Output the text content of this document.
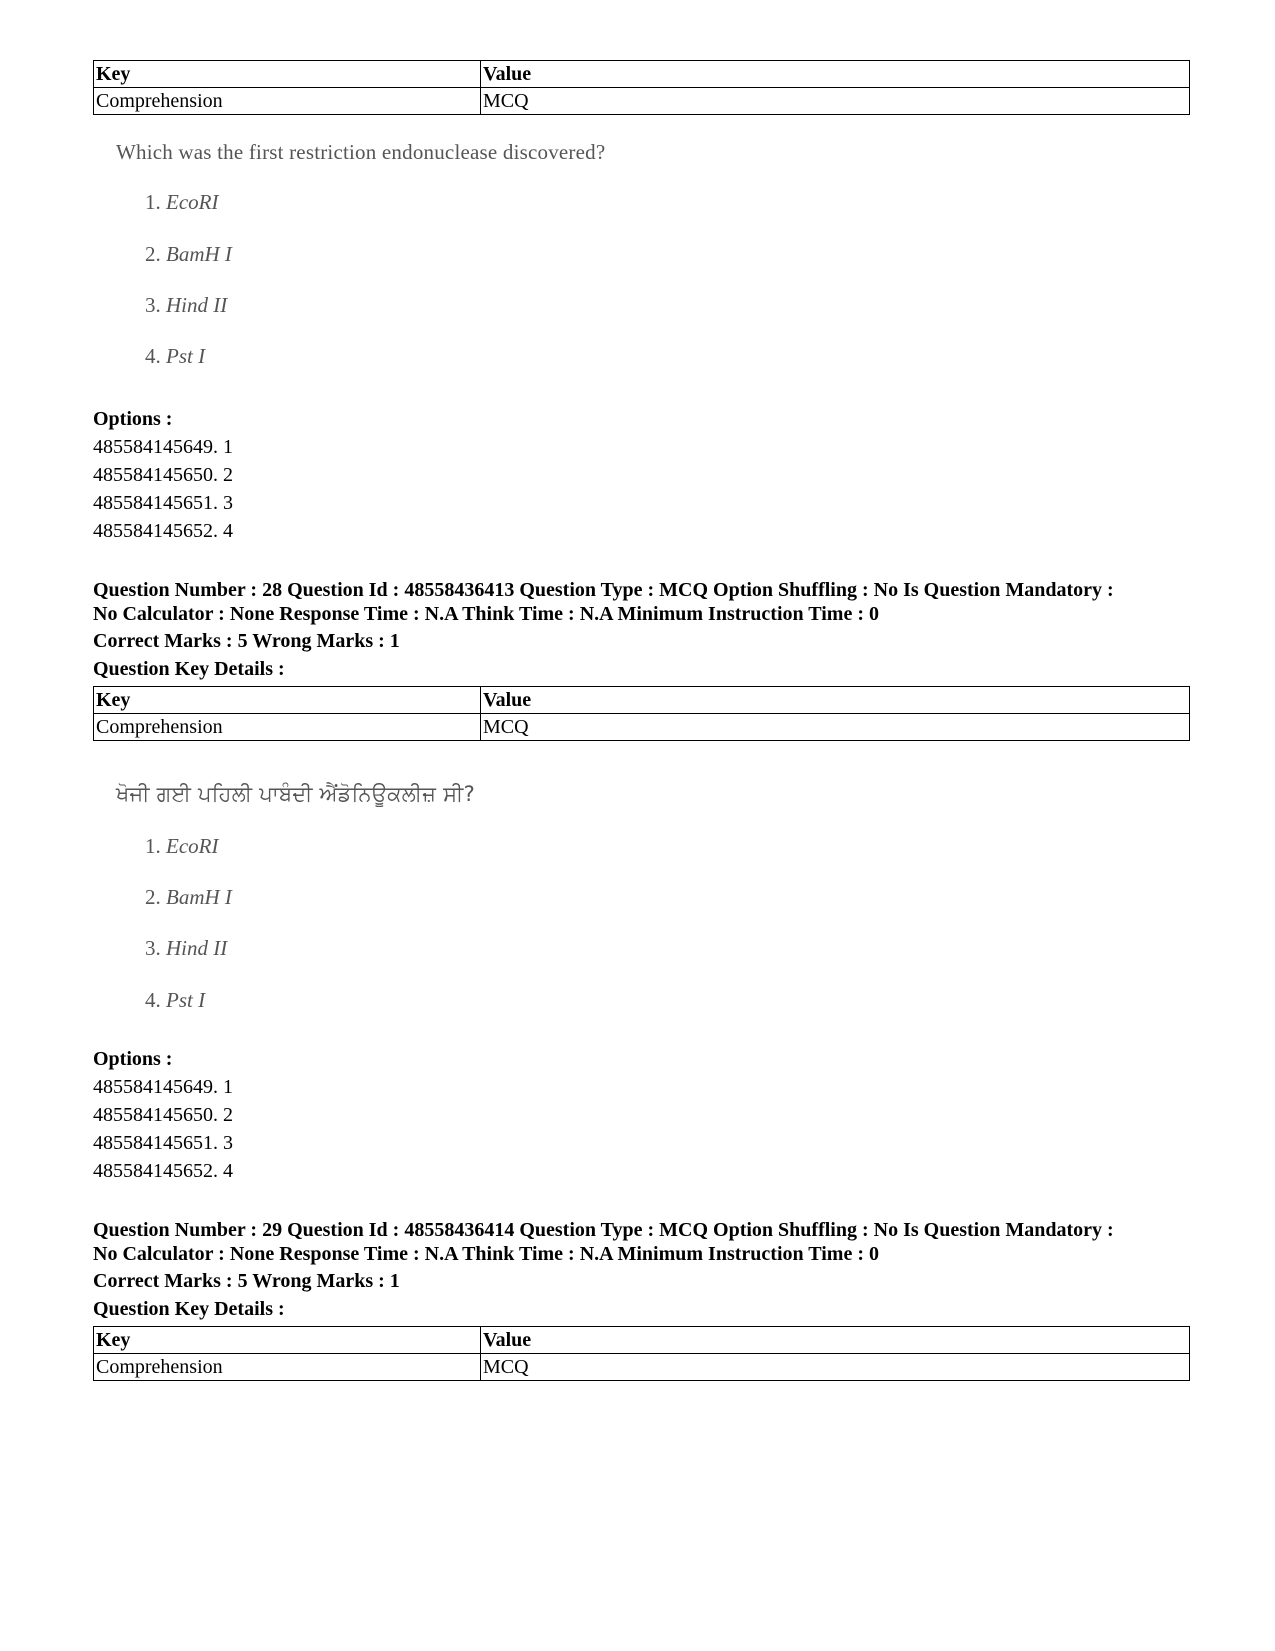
Key	Value
Comprehension	MCQ
Which was the first restriction endonuclease discovered?
1. EcoRI
2. BamH I
3. Hind II
4. Pst I
Options :
485584145649. 1
485584145650. 2
485584145651. 3
485584145652. 4
Question Number : 28 Question Id : 48558436413 Question Type : MCQ Option Shuffling : No Is Question Mandatory :
No Calculator : None Response Time : N.A Think Time : N.A Minimum Instruction Time : 0
Correct Marks : 5 Wrong Marks : 1
Question Key Details :
Key	Value
Comprehension	MCQ
ਖੋਜੀ ਗਈ ਪਹਿਲੀ ਪਾਬੰਦੀ ਐਂਡੋਨਿਊਕਲੀਜ਼ ਸੀ?
1. EcoRI
2. BamH I
3. Hind II
4. Pst I
Options :
485584145649. 1
485584145650. 2
485584145651. 3
485584145652. 4
Question Number : 29 Question Id : 48558436414 Question Type : MCQ Option Shuffling : No Is Question Mandatory :
No Calculator : None Response Time : N.A Think Time : N.A Minimum Instruction Time : 0
Correct Marks : 5 Wrong Marks : 1
Question Key Details :
Key	Value
Comprehension	MCQ
